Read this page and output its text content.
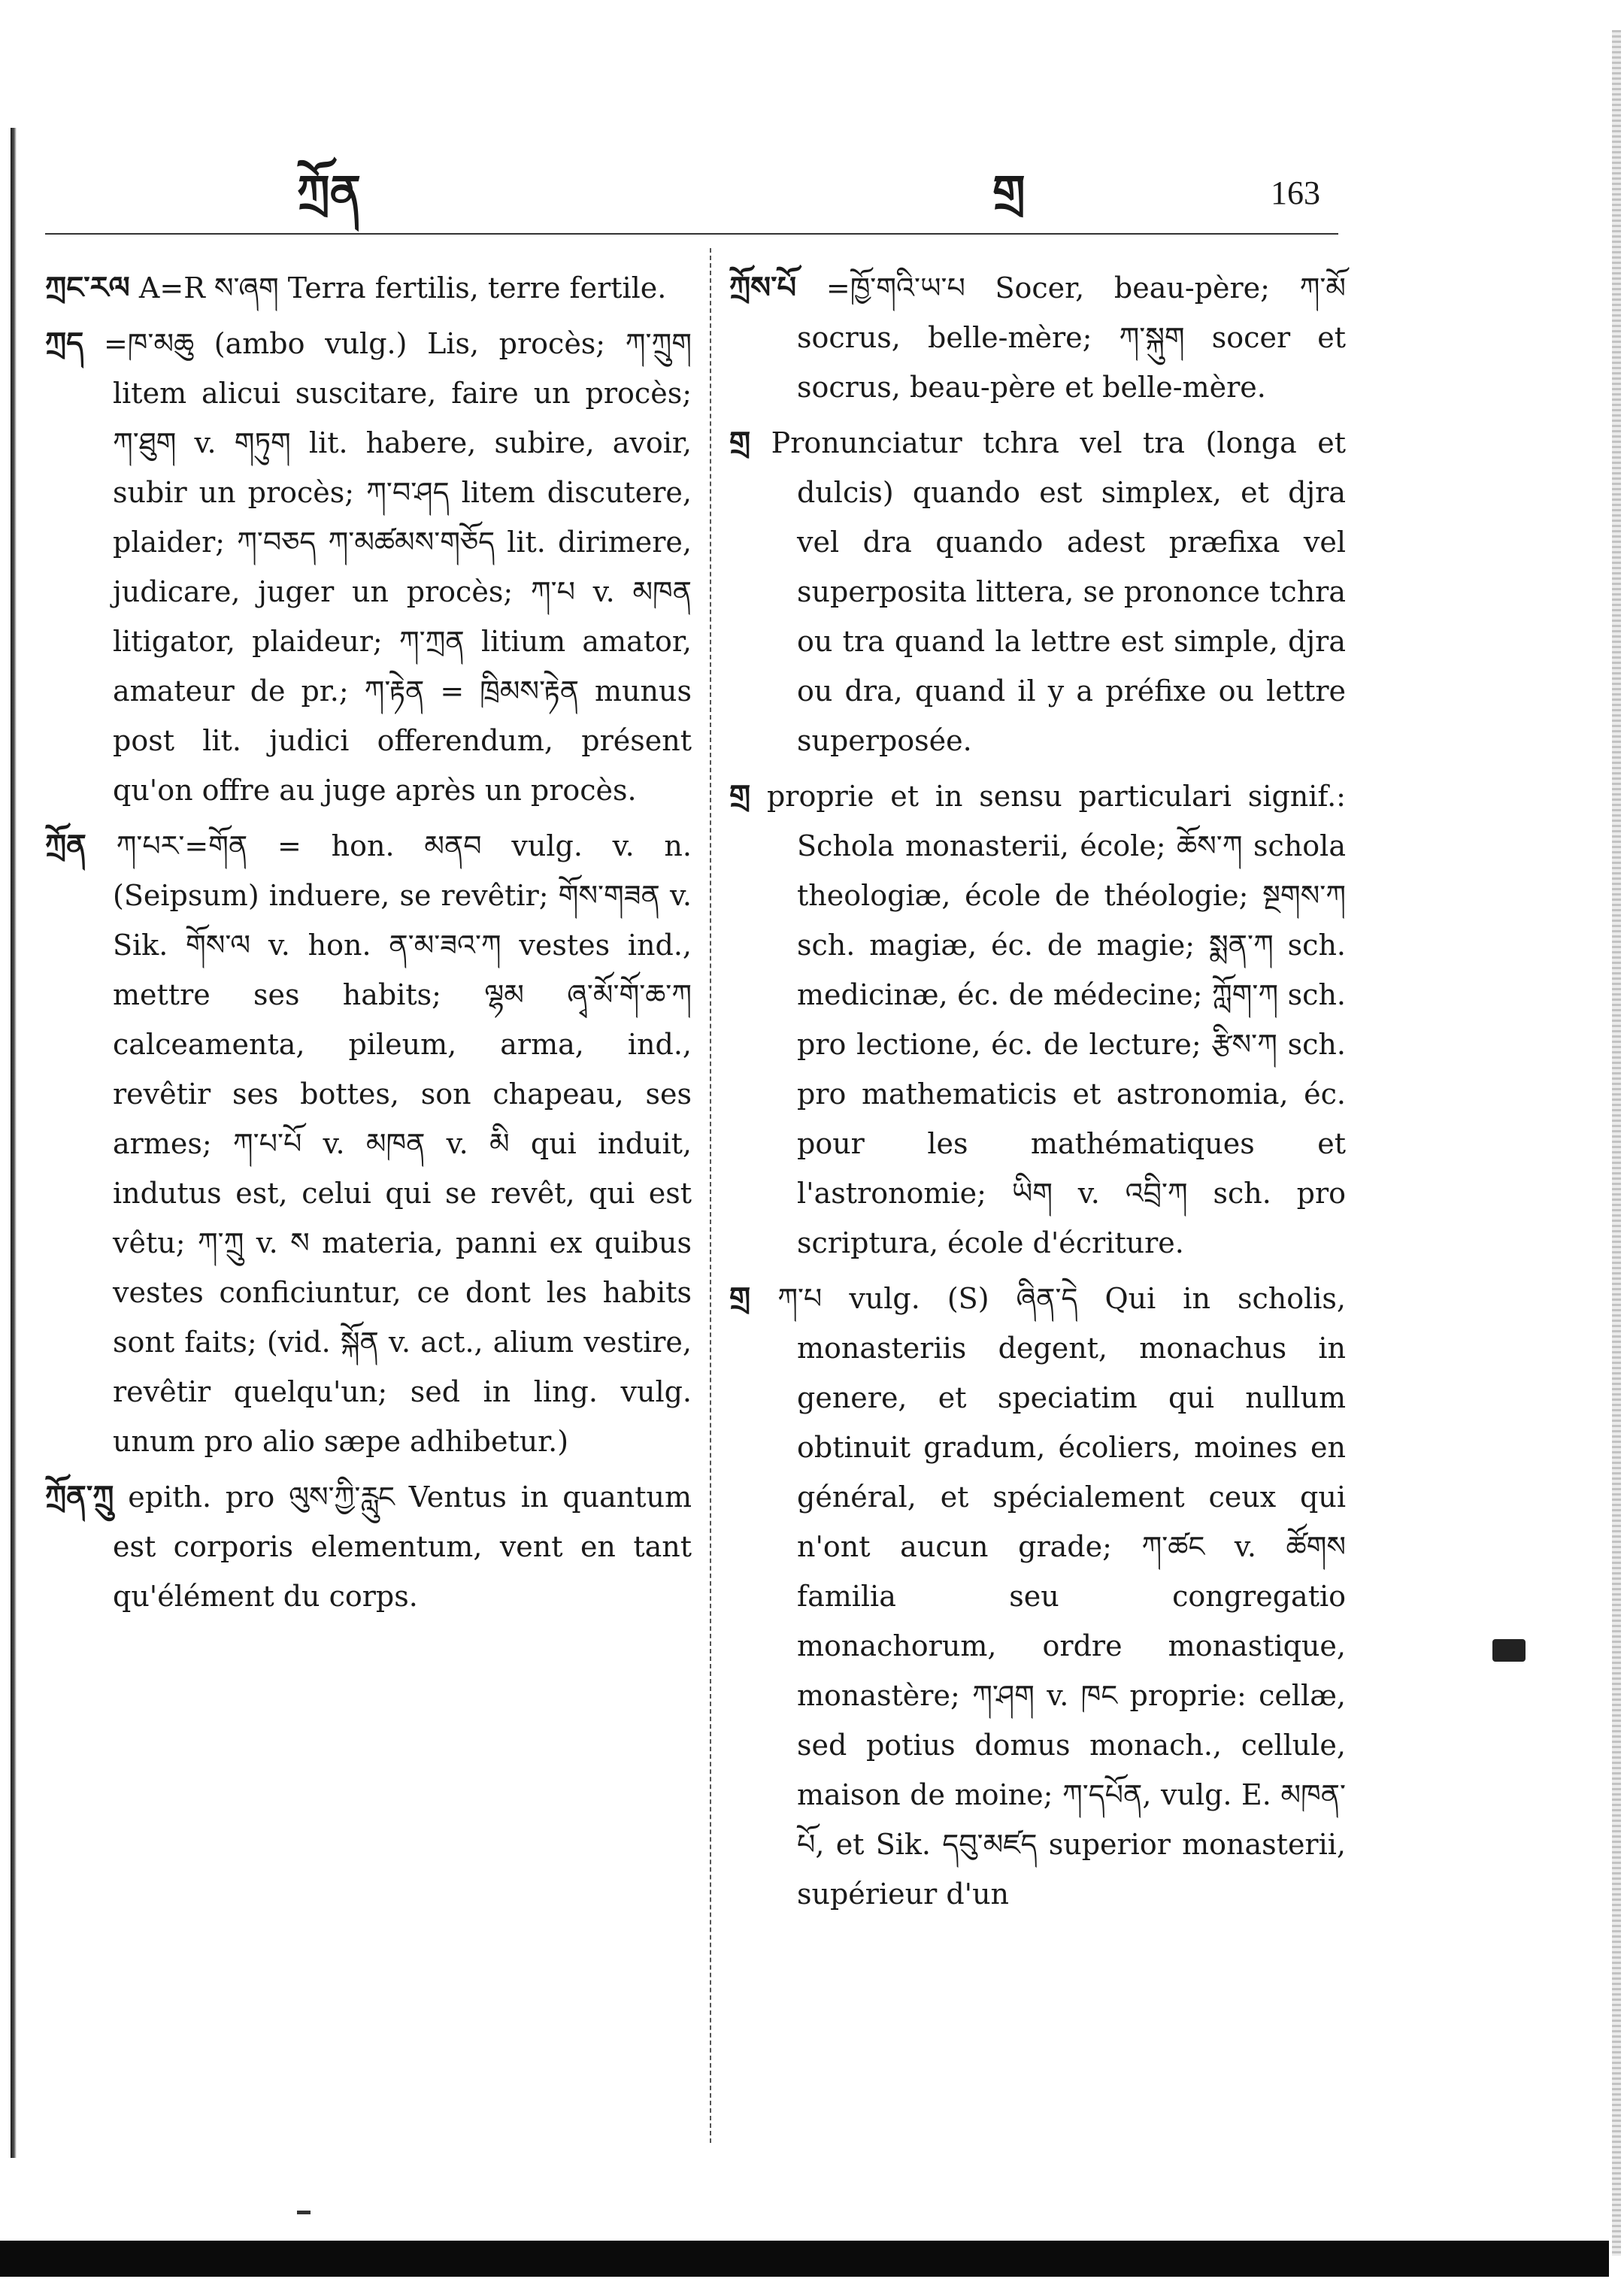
ཀྲོན	གྲ	163

ཀྲང་རལ A=R ས་ཞག Terra fertilis, terre fertile.

ཀྲད =ཁ་མཆུ (ambo vulg.) Lis, procès; ཀ་ཀྲུག litem alicui suscitare, faire un procès; ཀ་ཐུག v. གཏུག lit. habere, subire, avoir, subir un procès; ཀ་བ་ཤད litem discutere, plaider; ཀ་བཅད ཀ་མཚམས་གཅོད lit. dirimere, judicare, juger un procès; ཀ་པ v. མཁན litigator, plaideur; ཀ་ཀྲན litium amator, amateur de pr.; ཀ་རྟེན = ཁྲིམས་རྟེན munus post lit. judici offerendum, présent qu'on offre au juge après un procès.

ཀྲོན ཀ་པར་=གོན = hon. མནབ vulg. v. n. (Seipsum) induere, se revêtir; གོས་གཟན v. Sik. གོས་ལ v. hon. ན་མ་ཟའ་ཀ vestes ind., mettre ses habits; ལྷམ ཞྭ་མོ་གོ་ཆ་ཀ calceamenta, pileum, arma, ind., revêtir ses bottes, son chapeau, ses armes; ཀ་པ་པོ v. མཁན v. མི qui induit, indutus est, celui qui se revêt, qui est vêtu; ཀ་ཀྲུ v. ས materia, panni ex quibus vestes conficiuntur, ce dont les habits sont faits; (vid. སྐོན v. act., alium vestire, revêtir quelqu'un; sed in ling. vulg. unum pro alio sæpe adhibetur.)

ཀྲོན་ཀྲུ epith. pro ལུས་ཀྱི་རླུང Ventus in quantum est corporis elementum, vent en tant qu'élément du corps.

ཀྲོས་པོ =ཁྱོ་གའི་ཡ་པ Socer, beau-père; ཀ་མོ socrus, belle-mère; ཀ་སྐུག socer et socrus, beau-père et belle-mère.

གྲ Pronunciatur tchra vel tra (longa et dulcis) quando est simplex, et djra vel dra quando adest præfixa vel superposita littera, se prononce tchra ou tra quand la lettre est simple, djra ou dra, quand il y a préfixe ou lettre superposée.

གྲ proprie et in sensu particulari signif.: Schola monasterii, école; ཆོས་ཀ schola theologiæ, école de théologie; སྔགས་ཀ sch. magiæ, éc. de magie; སྨན་ཀ sch. medicinæ, éc. de médecine; ཀློག་ཀ sch. pro lectione, éc. de lecture; རྩིས་ཀ sch. pro mathematicis et astronomia, éc. pour les mathématiques et l'astronomie; ཡིག v. འབྲི་ཀ sch. pro scriptura, école d'écriture.

གྲ ཀ་པ vulg. (S) ཞིན་དེ Qui in scholis, monasteriis degent, monachus in genere, et speciatim qui nullum obtinuit gradum, écoliers, moines en général, et spécialement ceux qui n'ont aucun grade; ཀ་ཚང v. ཚོགས familia seu congregatio monachorum, ordre monastique, monastère; ཀ་ཤག v. ཁང proprie: cellæ, sed potius domus monach., cellule, maison de moine; ཀ་དཔོན, vulg. E. མཁན་པོ, et Sik. དབུ་མཛད superior monasterii, supérieur d'un
